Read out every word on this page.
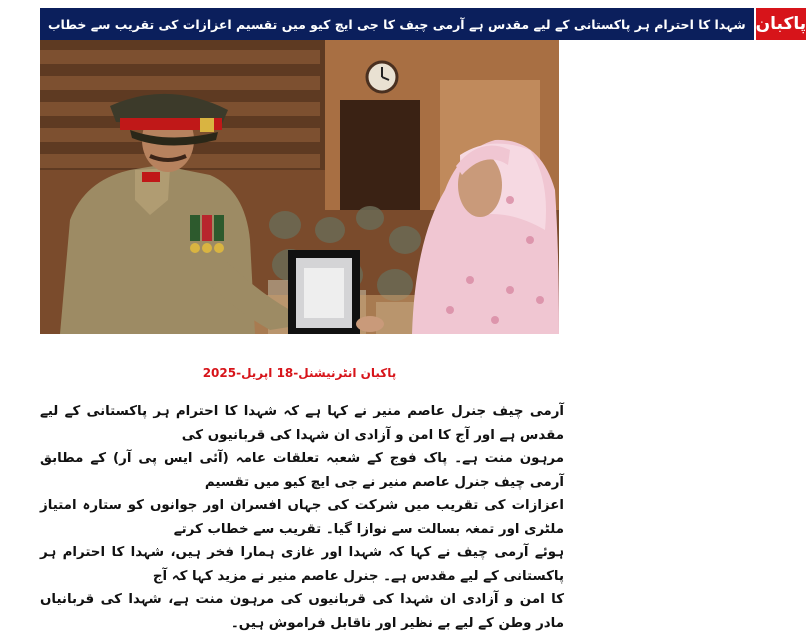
شہدا کا احترام ہر پاکستانی کے لیے مقدس ہے آرمی چیف کا جی ایچ کیو میں تقسیم اعزازات کی تقریب سے خطاب پاکبان
پاکبان انٹرنیشنل-18 اپریل-2025

آرمی چیف جنرل عاصم منیر نے کہا ہے کہ شہدا کا احترام ہر پاکستانی کے لیے مقدس ہے اور آج کا امن و آزادی ان شہدا کی قربانیوں کی

مرہون منت ہے۔ پاک فوج کے شعبہ تعلقات عامہ (آئی ایس پی آر) کے مطابق آرمی چیف جنرل عاصم منیر نے جی ایچ کیو میں تقسیم

اعزازات کی تقریب میں شرکت کی جہاں افسران اور جوانوں کو ستارہ امتیاز ملٹری اور تمغہ بسالت سے نوازا گیا۔ تقریب سے خطاب کرتے

ہوئے آرمی چیف نے کہا کہ شہدا اور غازی ہمارا فخر ہیں، شہدا کا احترام ہر پاکستانی کے لیے مقدس ہے۔ جنرل عاصم منیر نے مزید کہا کہ آج

کا امن و آزادی ان شہدا کی قربانیوں کی مرہون منت ہے، شہدا کی قربانیاں مادر وطن کے لیے بے نظیر اور ناقابل فراموش ہیں۔
